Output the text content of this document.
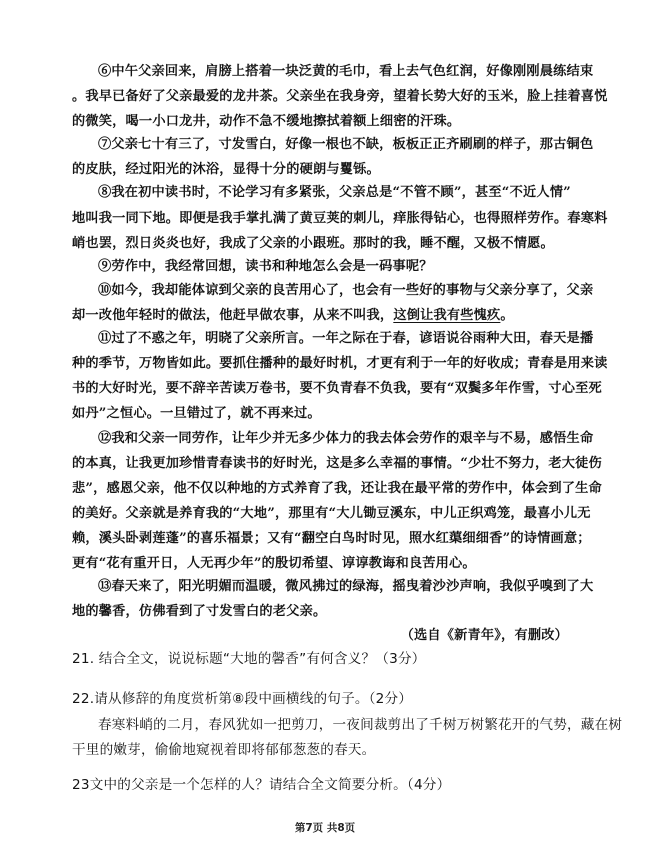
⑥中午父亲回来，肩膀上搭着一块泛黄的毛巾，看上去气色红润，好像刚刚晨练结束
。我早已备好了父亲最爱的龙井茶。父亲坐在我身旁，望着长势大好的玉米，脸上挂着喜悦
的微笑，喝一小口龙井，动作不急不缓地擦拭着额上细密的汗珠。
⑦父亲七十有三了，寸发雪白，好像一根也不缺，板板正正齐刷刷的样子，那古铜色
的皮肤，经过阳光的沐浴，显得十分的硬朗与矍铄。
⑧我在初中读书时，不论学习有多紧张，父亲总是“不管不顾”，甚至“不近人情”
地叫我一同下地。即便是我手掌扎满了黄豆荚的刺儿，痒胀得钻心，也得照样劳作。春寒料
峭也罢，烈日炎炎也好，我成了父亲的小跟班。那时的我，睡不醒，又极不情愿。
⑨劳作中，我经常回想，读书和种地怎么会是一码事呢？
⑩如今，我却能体谅到父亲的良苦用心了，也会有一些好的事物与父亲分享了，父亲
却一改他年轻时的做法，他赶早做农事，从来不叫我，这倒让我有些愧疚。
⑪过了不惑之年，明晓了父亲所言。一年之际在于春，谚语说谷雨种大田，春天是播
种的季节，万物皆如此。要抓住播种的最好时机，才更有利于一年的好收成；青春是用来读
书的大好时光，要不辞辛苦读万卷书，要不负青春不负我，要有“双鬓多年作雪，寸心至死
如丹”之恒心。一旦错过了，就不再来过。
⑫我和父亲一同劳作，让年少并无多少体力的我去体会劳作的艰辛与不易，感悟生命
的本真，让我更加珍惜青春读书的好时光，这是多么幸福的事情。“少壮不努力，老大徒伤
悲”，感恩父亲，他不仅以种地的方式养育了我，还让我在最平常的劳作中，体会到了生命
的美好。父亲就是养育我的“大地”，那里有“大儿锄豆溪东，中儿正织鸡笼，最喜小儿无
赖，溪头卧剥莲蓬”的喜乐福景；又有“翻空白鸟时时见，照水红蕖细细香”的诗情画意；
更有“花有重开日，人无再少年”的殷切希望、谆谆教诲和良苦用心。
⑬春天来了，阳光明媚而温暖，微风拂过的绿海，摇曳着沙沙声响，我似乎嗅到了大
地的馨香，仿佛看到了寸发雪白的老父亲。
（选自《新青年》，有删改）
21. 结合全文，说说标题“大地的馨香”有何含义？（3分）
22.请从修辞的角度赏析第⑧段中画横线的句子。（2分）
春寒料峭的二月，春风犹如一把剪刀，一夜间裁剪出了千树万树繁花开的气势，藏在树
干里的嫩芽，偷偷地窥视着即将郁郁葱葱的春天。
23文中的父亲是一个怎样的人？请结合全文简要分析。（4分）
第7页 共8页
